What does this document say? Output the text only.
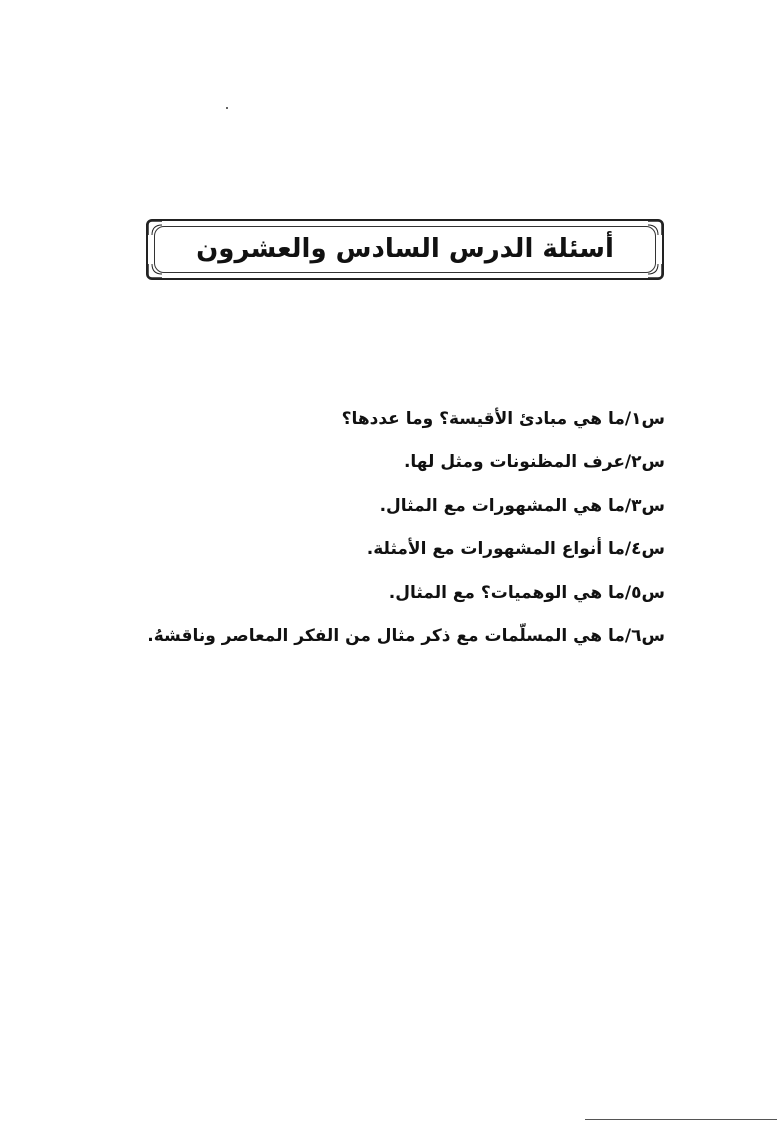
أسئلة الدرس السادس والعشرون
س١/ما هي مبادئ الأقيسة؟ وما عددها؟
س٢/عرف المظنونات ومثل لها.
س٣/ما هي المشهورات مع المثال.
س٤/ما أنواع المشهورات مع الأمثلة.
س٥/ما هي الوهميات؟ مع المثال.
س٦/ما هي المسلّمات مع ذكر مثال من الفكر المعاصر وناقشهُ.
